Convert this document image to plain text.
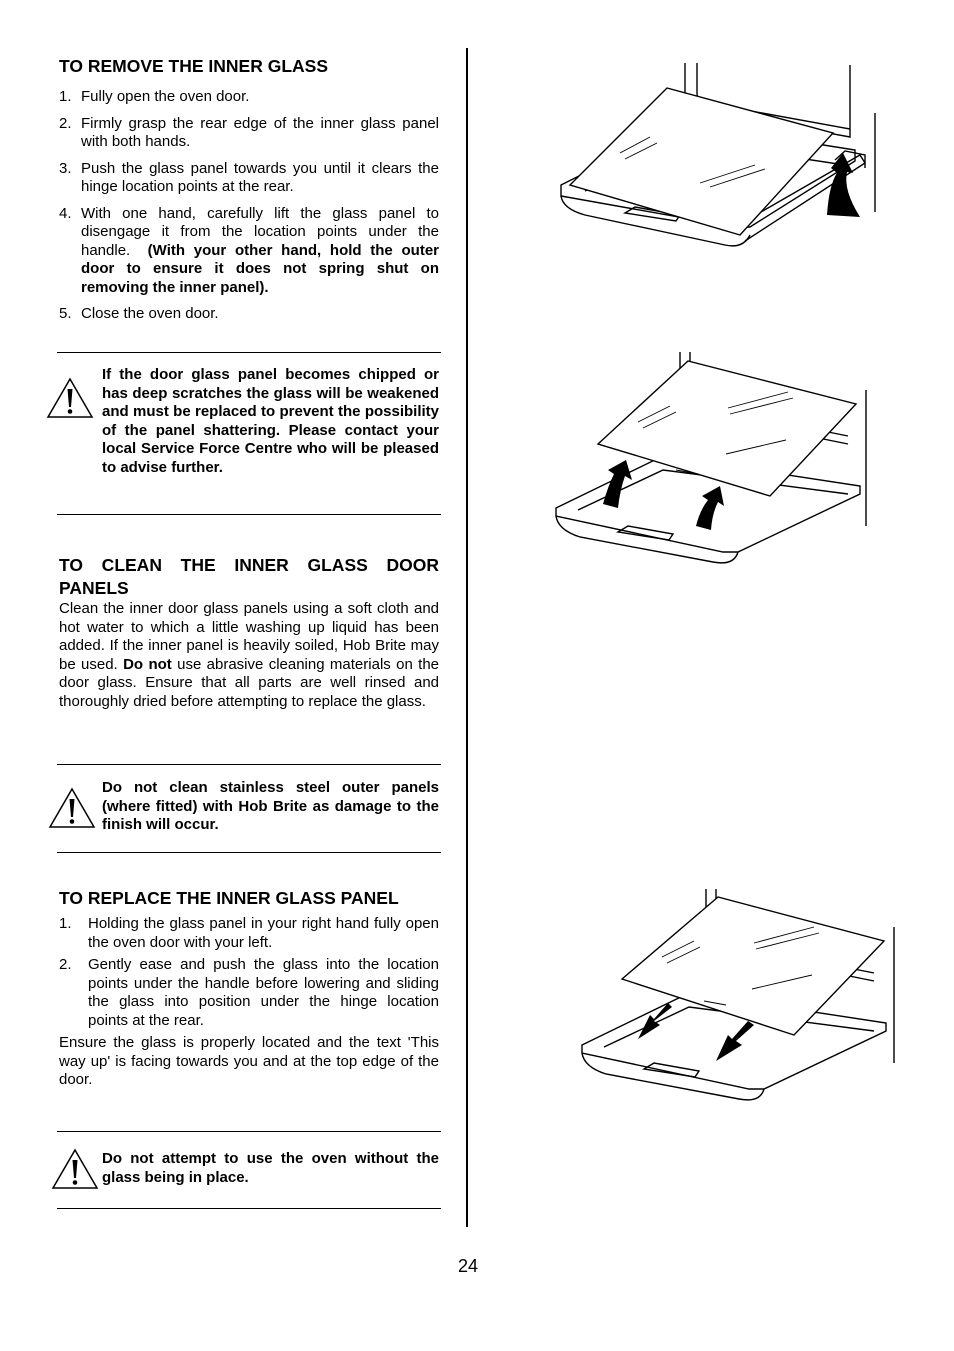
TO REMOVE THE INNER GLASS
1. Fully open the oven door.
2. Firmly grasp the rear edge of the inner glass panel with both hands.
3. Push the glass panel towards you until it clears the hinge location points at the rear.
4. With one hand, carefully lift the glass panel to disengage it from the location points under the handle. (With your other hand, hold the outer door to ensure it does not spring shut on removing the inner panel).
5. Close the oven door.
If the door glass panel becomes chipped or has deep scratches the glass will be weakened and must be replaced to prevent the possibility of the panel shattering. Please contact your local Service Force Centre who will be pleased to advise further.
TO CLEAN THE INNER GLASS DOOR PANELS

Clean the inner door glass panels using a soft cloth and hot water to which a little washing up liquid has been added. If the inner panel is heavily soiled, Hob Brite may be used. Do not use abrasive cleaning materials on the door glass. Ensure that all parts are well rinsed and thoroughly dried before attempting to replace the glass.

Do not clean stainless steel outer panels (where fitted) with Hob Brite as damage to the finish will occur.
TO REPLACE THE INNER GLASS PANEL
1. Holding the glass panel in your right hand fully open the oven door with your left.
2. Gently ease and push the glass into the location points under the handle before lowering and sliding the glass into position under the hinge location points at the rear.

Ensure the glass is properly located and the text 'This way up' is facing towards you and at the top edge of the door.

Do not attempt to use the oven without the glass being in place.
24
